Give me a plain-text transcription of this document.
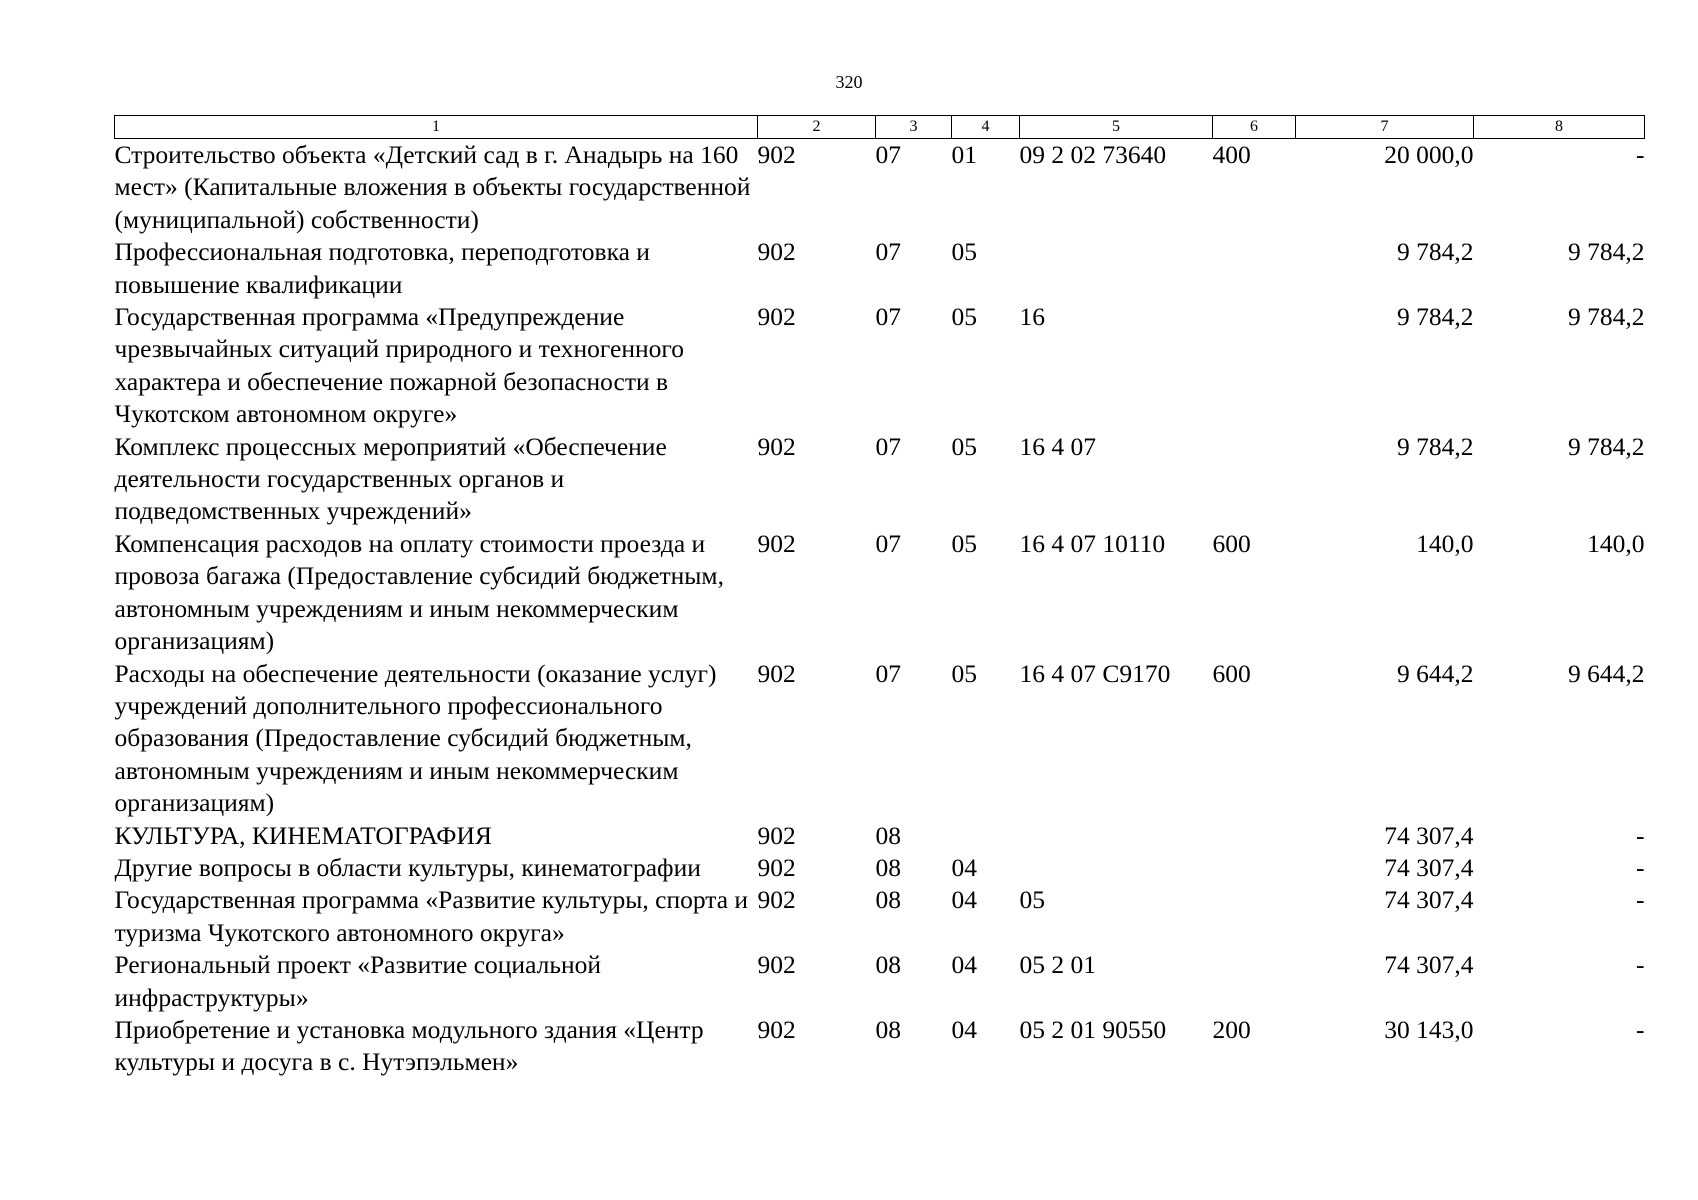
320
1	2	3	4	5	6	7	8
Строительство объекта «Детский сад в г. Анадырь на 160 мест» (Капитальные вложения в объекты государственной (муниципальной) собственности)	902	07	01	09 2 02 73640	400	20 000,0	-
Профессиональная подготовка, переподготовка и повышение квалификации	902	07	05			9 784,2	9 784,2
Государственная программа «Предупреждение чрезвычайных ситуаций природного и техногенного характера и обеспечение пожарной безопасности в Чукотском автономном округе»	902	07	05	16		9 784,2	9 784,2
Комплекс процессных мероприятий «Обеспечение деятельности государственных органов и подведомственных учреждений»	902	07	05	16 4 07		9 784,2	9 784,2
Компенсация расходов на оплату стоимости проезда и провоза багажа (Предоставление субсидий бюджетным, автономным учреждениям и иным некоммерческим организациям)	902	07	05	16 4 07 10110	600	140,0	140,0
Расходы на обеспечение деятельности (оказание услуг) учреждений дополнительного профессионального образования (Предоставление субсидий бюджетным, автономным учреждениям и иным некоммерческим организациям)	902	07	05	16 4 07 С9170	600	9 644,2	9 644,2
КУЛЬТУРА, КИНЕМАТОГРАФИЯ	902	08				74 307,4	-
Другие вопросы в области культуры, кинематографии	902	08	04			74 307,4	-
Государственная программа «Развитие культуры, спорта и туризма Чукотского автономного округа»	902	08	04	05		74 307,4	-
Региональный проект «Развитие социальной инфраструктуры»	902	08	04	05 2 01		74 307,4	-
Приобретение и установка модульного здания «Центр культуры и досуга в с. Нутэпэльмен»	902	08	04	05 2 01 90550	200	30 143,0	-
